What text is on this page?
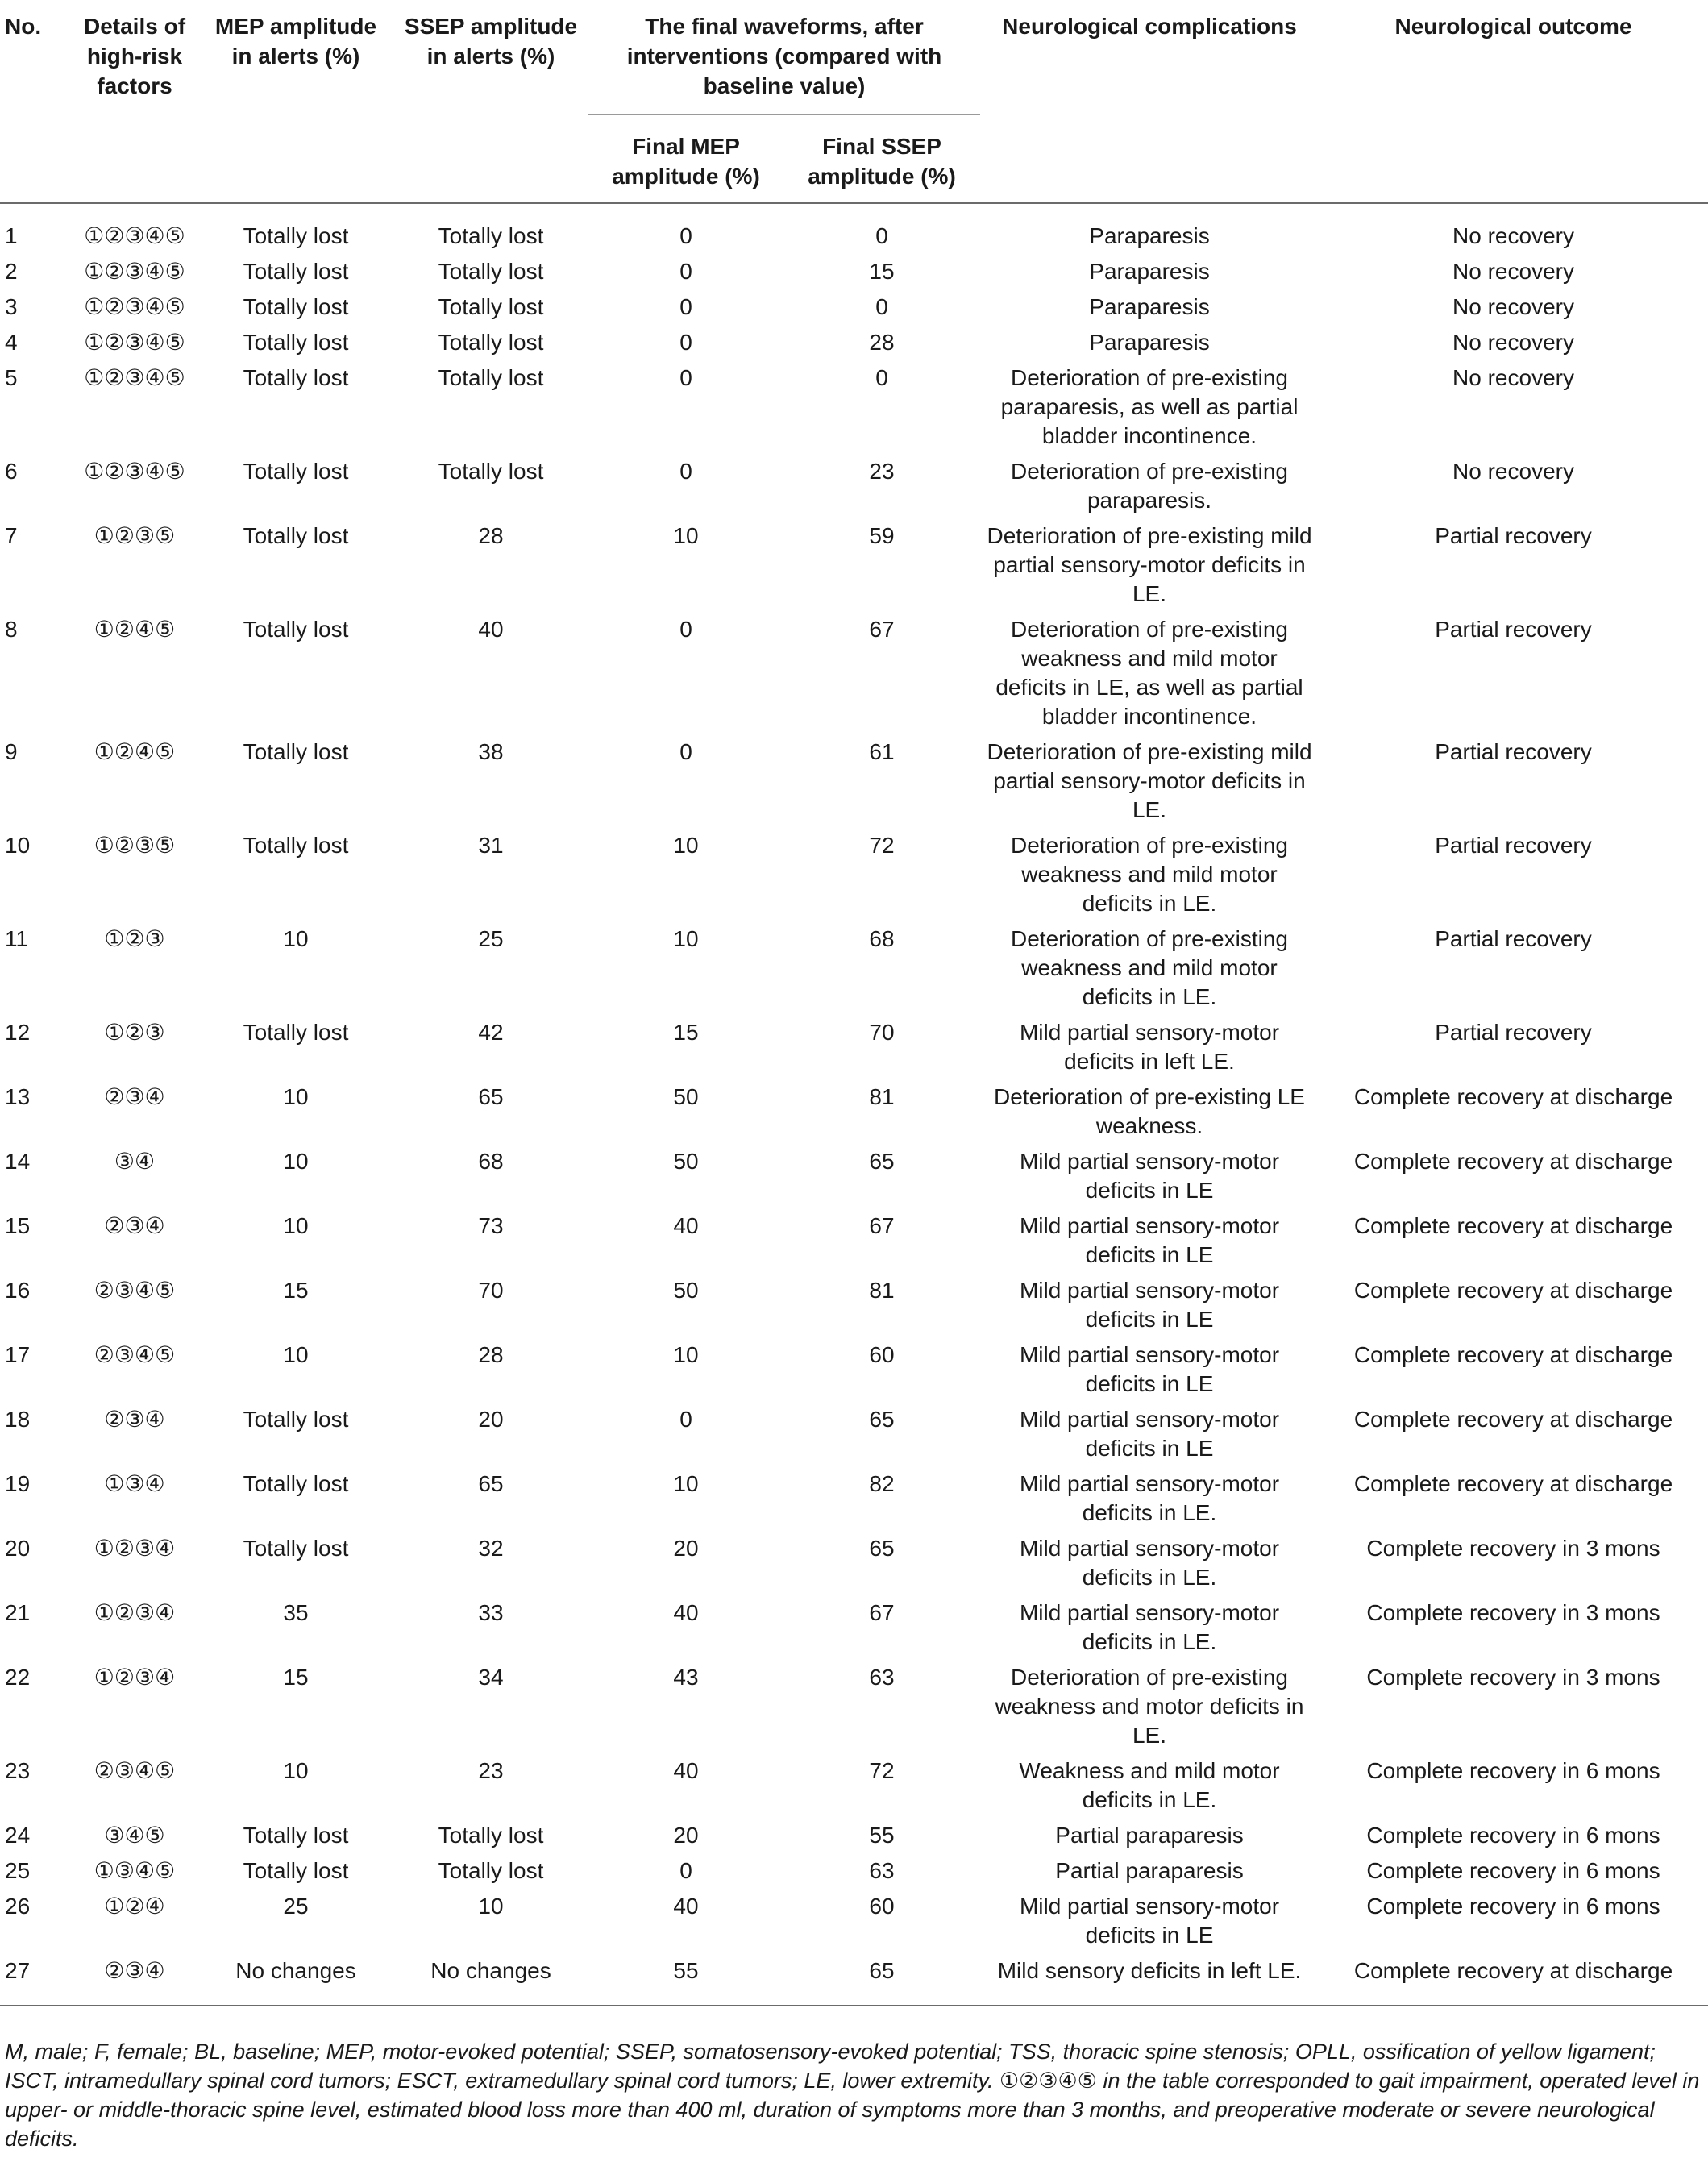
No.	Details of high-risk factors	MEP amplitude in alerts (%)	SSEP amplitude in alerts (%)	The final waveforms, after interventions (compared with baseline value)		Neurological complications	Neurological outcome
				Final MEP amplitude (%)	Final SSEP amplitude (%)		
1	①②③④⑤	Totally lost	Totally lost	0	0	Paraparesis	No recovery
2	①②③④⑤	Totally lost	Totally lost	0	15	Paraparesis	No recovery
3	①②③④⑤	Totally lost	Totally lost	0	0	Paraparesis	No recovery
4	①②③④⑤	Totally lost	Totally lost	0	28	Paraparesis	No recovery
5	①②③④⑤	Totally lost	Totally lost	0	0	Deterioration of pre-existing paraparesis, as well as partial bladder incontinence.	No recovery
6	①②③④⑤	Totally lost	Totally lost	0	23	Deterioration of pre-existing paraparesis.	No recovery
7	①②③⑤	Totally lost	28	10	59	Deterioration of pre-existing mild partial sensory-motor deficits in LE.	Partial recovery
8	①②④⑤	Totally lost	40	0	67	Deterioration of pre-existing weakness and mild motor deficits in LE, as well as partial bladder incontinence.	Partial recovery
9	①②④⑤	Totally lost	38	0	61	Deterioration of pre-existing mild partial sensory-motor deficits in LE.	Partial recovery
10	①②③⑤	Totally lost	31	10	72	Deterioration of pre-existing weakness and mild motor deficits in LE.	Partial recovery
11	①②③	10	25	10	68	Deterioration of pre-existing weakness and mild motor deficits in LE.	Partial recovery
12	①②③	Totally lost	42	15	70	Mild partial sensory-motor deficits in left LE.	Partial recovery
13	②③④	10	65	50	81	Deterioration of pre-existing LE weakness.	Complete recovery at discharge
14	③④	10	68	50	65	Mild partial sensory-motor deficits in LE	Complete recovery at discharge
15	②③④	10	73	40	67	Mild partial sensory-motor deficits in LE	Complete recovery at discharge
16	②③④⑤	15	70	50	81	Mild partial sensory-motor deficits in LE	Complete recovery at discharge
17	②③④⑤	10	28	10	60	Mild partial sensory-motor deficits in LE	Complete recovery at discharge
18	②③④	Totally lost	20	0	65	Mild partial sensory-motor deficits in LE	Complete recovery at discharge
19	①③④	Totally lost	65	10	82	Mild partial sensory-motor deficits in LE.	Complete recovery at discharge
20	①②③④	Totally lost	32	20	65	Mild partial sensory-motor deficits in LE.	Complete recovery in 3 mons
21	①②③④	35	33	40	67	Mild partial sensory-motor deficits in LE.	Complete recovery in 3 mons
22	①②③④	15	34	43	63	Deterioration of pre-existing weakness and motor deficits in LE.	Complete recovery in 3 mons
23	②③④⑤	10	23	40	72	Weakness and mild motor deficits in LE.	Complete recovery in 6 mons
24	③④⑤	Totally lost	Totally lost	20	55	Partial paraparesis	Complete recovery in 6 mons
25	①③④⑤	Totally lost	Totally lost	0	63	Partial paraparesis	Complete recovery in 6 mons
26	①②④	25	10	40	60	Mild partial sensory-motor deficits in LE	Complete recovery in 6 mons
27	②③④	No changes	No changes	55	65	Mild sensory deficits in left LE.	Complete recovery at discharge
M, male; F, female; BL, baseline; MEP, motor-evoked potential; SSEP, somatosensory-evoked potential; TSS, thoracic spine stenosis; OPLL, ossification of yellow ligament; ISCT, intramedullary spinal cord tumors; ESCT, extramedullary spinal cord tumors; LE, lower extremity. ①②③④⑤ in the table corresponded to gait impairment, operated level in upper- or middle-thoracic spine level, estimated blood loss more than 400 ml, duration of symptoms more than 3 months, and preoperative moderate or severe neurological deficits.
